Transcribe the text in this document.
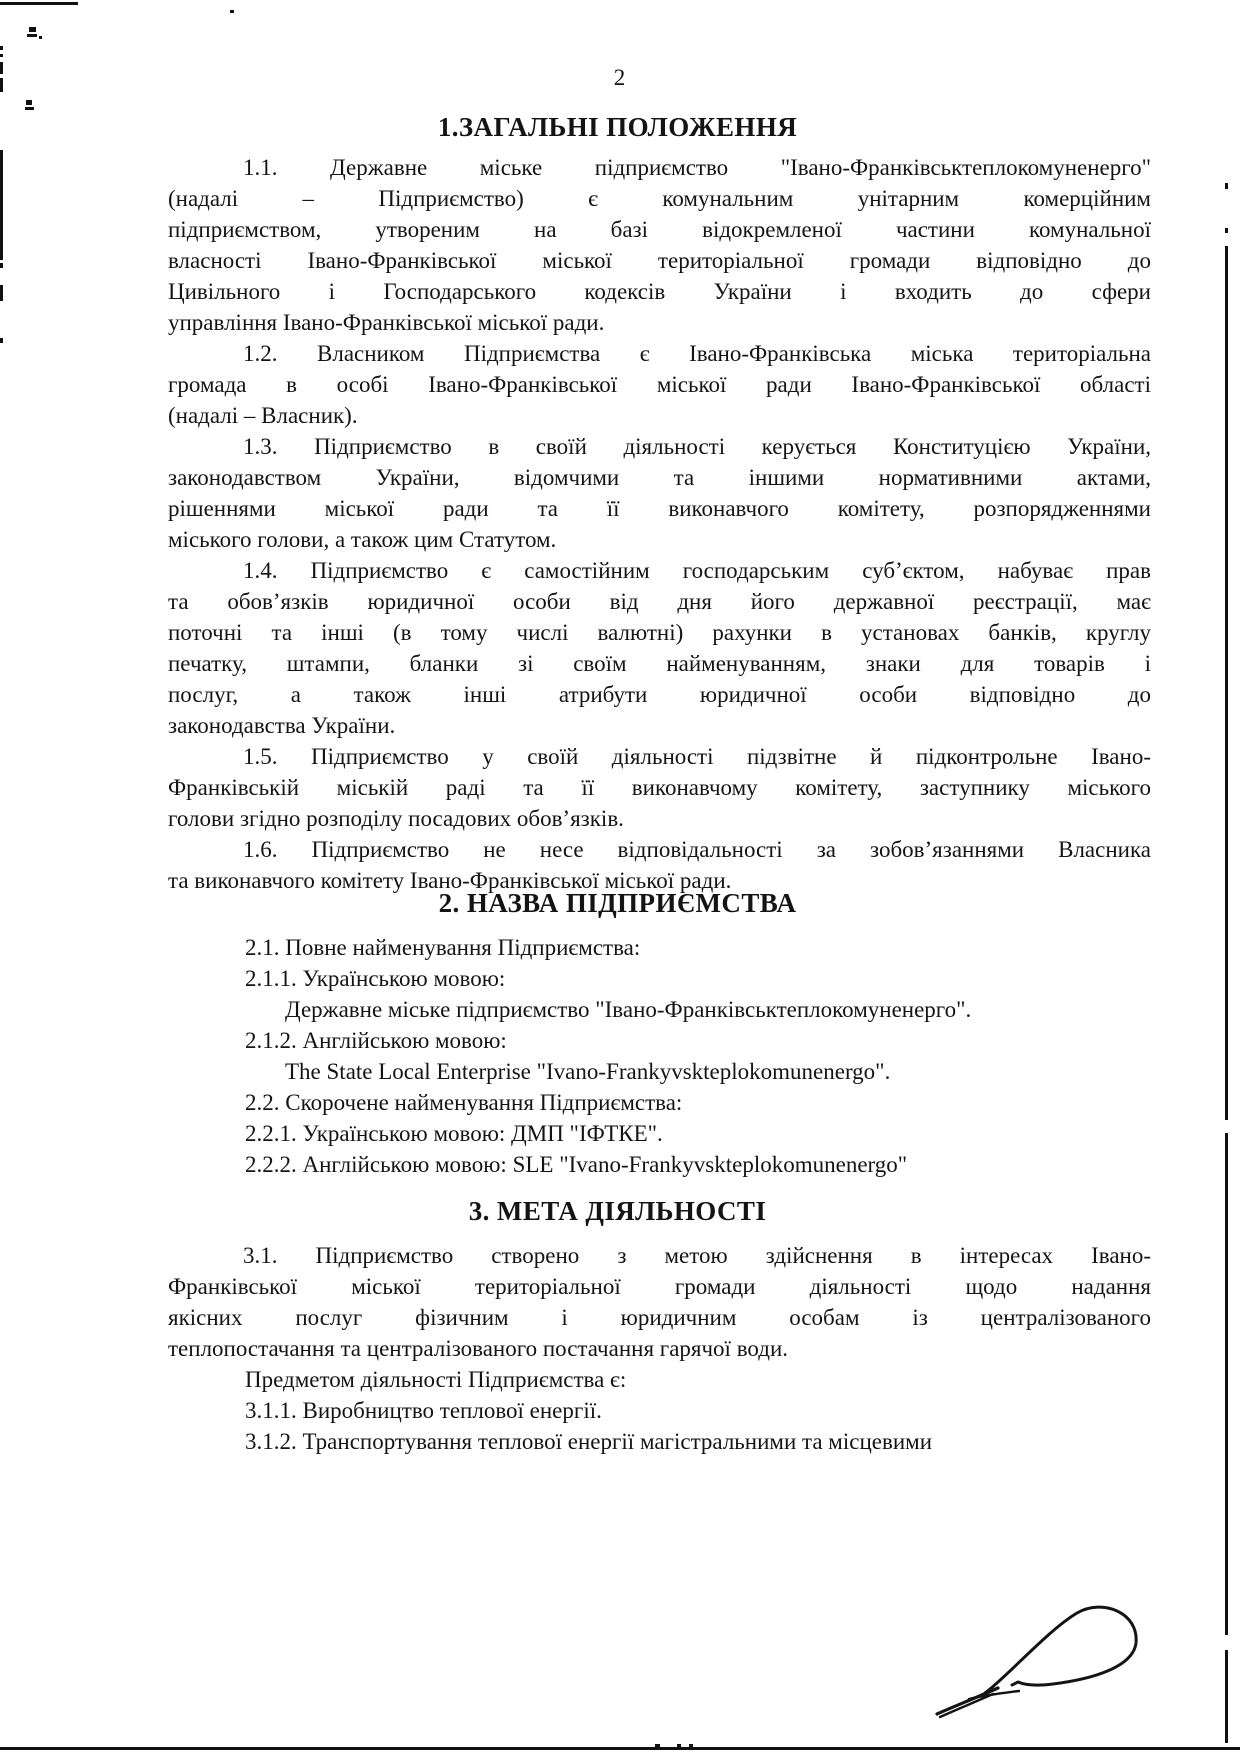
2
1.ЗАГАЛЬНІ ПОЛОЖЕННЯ
1.1. Державне міське підприємство "Івано-Франківськтеплокомуненерго"
(надалі – Підприємство) є комунальним унітарним комерційним
підприємством, утвореним на базі відокремленої частини комунальної
власності Івано-Франківської міської територіальної громади відповідно до
Цивільного і Господарського кодексів України і входить до сфери
управління Івано-Франківської міської ради.
1.2. Власником Підприємства є Івано-Франківська міська територіальна
громада в особі Івано-Франківської міської ради Івано-Франківської області
(надалі – Власник).
1.3. Підприємство в своїй діяльності керується Конституцією України,
законодавством України, відомчими та іншими нормативними актами,
рішеннями міської ради та її виконавчого комітету, розпорядженнями
міського голови, а також цим Статутом.
1.4. Підприємство є самостійним господарським суб’єктом, набуває прав
та обов’язків юридичної особи від дня його державної реєстрації, має
поточні та інші (в тому числі валютні) рахунки в установах банків, круглу
печатку, штампи, бланки зі своїм найменуванням, знаки для товарів і
послуг, а також інші атрибути юридичної особи відповідно до
законодавства України.
1.5. Підприємство у своїй діяльності підзвітне й підконтрольне Івано-
Франківській міській раді та її виконавчому комітету, заступнику міського
голови згідно розподілу посадових обов’язків.
1.6. Підприємство не несе відповідальності за зобов’язаннями Власника
та виконавчого комітету Івано-Франківської міської ради.
2. НАЗВА ПІДПРИЄМСТВА
2.1. Повне найменування Підприємства:
2.1.1. Українською мовою:
Державне міське підприємство "Івано-Франківськтеплокомуненерго".
2.1.2. Англійською мовою:
The State Local Enterprise "Ivano-Frankyvskteplokomunenergo".
2.2. Скорочене найменування Підприємства:
2.2.1. Українською мовою: ДМП "ІФТКЕ".
2.2.2. Англійською мовою: SLE "Ivano-Frankyvskteplokomunenergo"
3. МЕТА ДІЯЛЬНОСТІ
3.1. Підприємство створено з метою здійснення в інтересах Івано-
Франківської міської територіальної громади діяльності щодо надання
якісних послуг фізичним і юридичним особам із централізованого
теплопостачання та централізованого постачання гарячої води.
Предметом діяльності Підприємства є:
3.1.1. Виробництво теплової енергії.
3.1.2. Транспортування теплової енергії магістральними та місцевими
